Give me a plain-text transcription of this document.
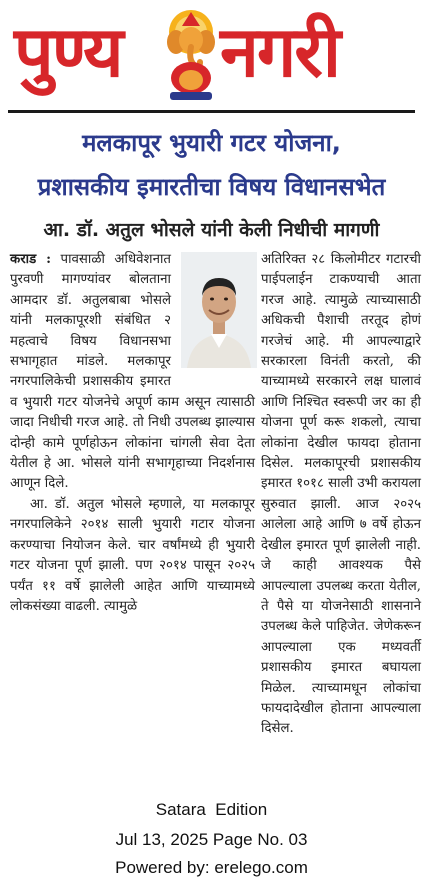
पुण्य नगरी
मलकापूर भुयारी गटर योजना,
प्रशासकीय इमारतीचा विषय विधानसभेत
आ. डॉ. अतुल भोसले यांनी केली निधीची मागणी

कराड : पावसाळी अधिवेशनात पुरवणी मागण्यांवर बोलताना आमदार डॉ. अतुलबाबा भोसले यांनी मलकापूरशी संबंधित २ महत्वाचे विषय विधानसभा सभागृहात मांडले. मलकापूर नगरपालिकेची प्रशासकीय इमारत व भुयारी गटर योजनेचे अपूर्ण काम असून त्यासाठी जादा निधीची गरज आहे. तो निधी उपलब्ध झाल्यास दोन्ही कामे पूर्णहोऊन लोकांना चांगली सेवा देता येतील हे आ. भोसले यांनी सभागृहाच्या निदर्शनास आणून दिले.

आ. डॉ. अतुल भोसले म्हणाले, या मलकापूर नगरपालिकेने २०१४ साली भुयारी गटार योजना करण्याचा नियोजन केले. चार वर्षांमध्ये ही भुयारी गटर योजना पूर्ण झाली. पण २०१४ पासून २०२५ पर्यंत ११ वर्षे झालेली आहेत आणि याच्यामध्ये लोकसंख्या वाढली. त्यामुळे

अतिरिक्त २८ किलोमीटर गटारची पाईपलाईन टाकण्याची आता गरज आहे. त्यामुळे त्याच्यासाठी अधिकची पैशाची तरतूद होणं गरजेचं आहे. मी आपल्याद्वारे सरकारला विनंती करतो, की याच्यामध्ये सरकारने लक्ष घालावं आणि निश्चित स्वरूपी जर का ही योजना पूर्ण करू शकलो, त्याचा लोकांना देखील फायदा होताना दिसेल. मलकापूरची प्रशासकीय इमारत १०१८ साली उभी करायला सुरुवात झाली. आज २०२५ आलेला आहे आणि ७ वर्षे होऊन देखील इमारत पूर्ण झालेली नाही. जे काही आवश्यक पैसे आपल्याला उपलब्ध करता येतील, ते पैसे या योजनेसाठी शासनाने उपलब्ध केले पाहिजेत. जेणेकरून आपल्याला एक मध्यवर्ती प्रशासकीय इमारत बघायला मिळेल. त्याच्यामधून लोकांचा फायदादेखील होताना आपल्याला दिसेल.

Satara  Edition
Jul 13, 2025 Page No. 03
Powered by: erelego.com
